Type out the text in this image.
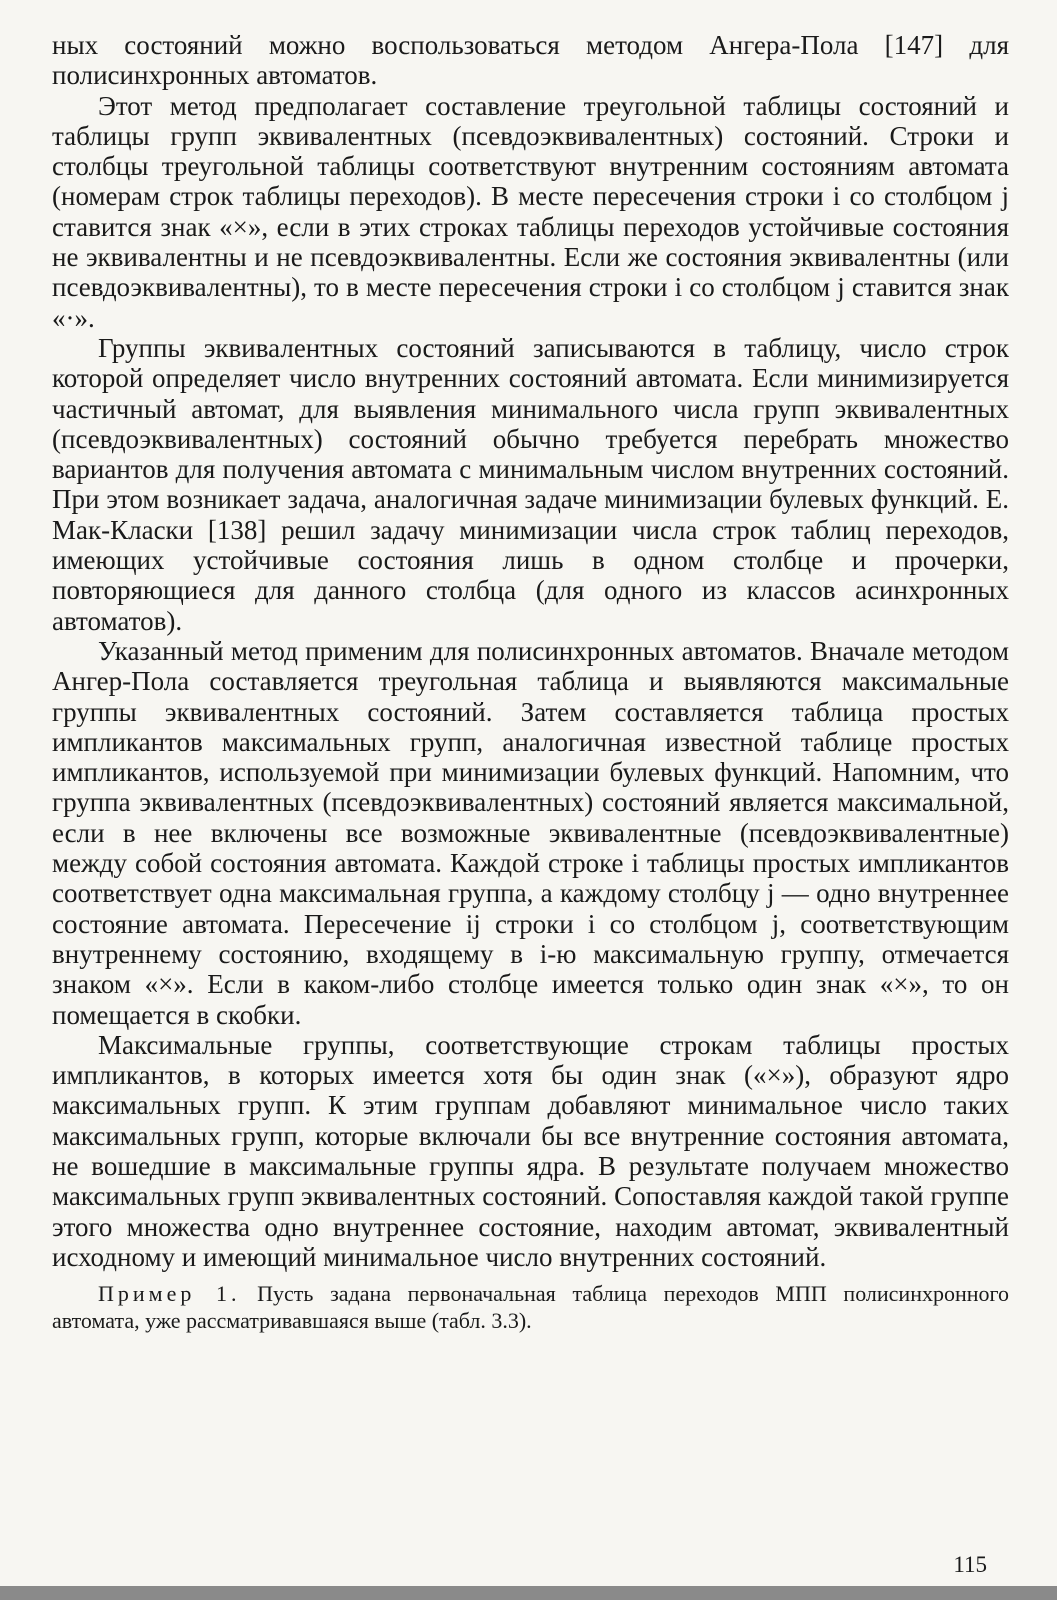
ных состояний можно воспользоваться методом Ангера-Пола [147] для полисинхронных автоматов.

Этот метод предполагает составление треугольной таблицы состояний и таблицы групп эквивалентных (псевдоэквивалентных) состояний. Строки и столбцы треугольной таблицы соответствуют внутренним состояниям автомата (номерам строк таблицы переходов). В месте пересечения строки i со столбцом j ставится знак «×», если в этих строках таблицы переходов устойчивые состояния не эквивалентны и не псевдоэквивалентны. Если же состояния эквивалентны (или псевдоэквивалентны), то в месте пересечения строки i со столбцом j ставится знак «·».

Группы эквивалентных состояний записываются в таблицу, число строк которой определяет число внутренних состояний автомата. Если минимизируется частичный автомат, для выявления минимального числа групп эквивалентных (псевдоэквивалентных) состояний обычно требуется перебрать множество вариантов для получения автомата с минимальным числом внутренних состояний. При этом возникает задача, аналогичная задаче минимизации булевых функций. Е. Мак-Класки [138] решил задачу минимизации числа строк таблиц переходов, имеющих устойчивые состояния лишь в одном столбце и прочерки, повторяющиеся для данного столбца (для одного из классов асинхронных автоматов).

Указанный метод применим для полисинхронных автоматов. Вначале методом Ангер-Пола составляется треугольная таблица и выявляются максимальные группы эквивалентных состояний. Затем составляется таблица простых импликантов максимальных групп, аналогичная известной таблице простых импликантов, используемой при минимизации булевых функций. Напомним, что группа эквивалентных (псевдоэквивалентных) состояний является максимальной, если в нее включены все возможные эквивалентные (псевдоэквивалентные) между собой состояния автомата. Каждой строке i таблицы простых импликантов соответствует одна максимальная группа, а каждому столбцу j — одно внутреннее состояние автомата. Пересечение ij строки i со столбцом j, соответствующим внутреннему состоянию, входящему в i-ю максимальную группу, отмечается знаком «×». Если в каком-либо столбце имеется только один знак «×», то он помещается в скобки.

Максимальные группы, соответствующие строкам таблицы простых импликантов, в которых имеется хотя бы один знак («×»), образуют ядро максимальных групп. К этим группам добавляют минимальное число таких максимальных групп, которые включали бы все внутренние состояния автомата, не вошедшие в максимальные группы ядра. В результате получаем множество максимальных групп эквивалентных состояний. Сопоставляя каждой такой группе этого множества одно внутреннее состояние, находим автомат, эквивалентный исходному и имеющий минимальное число внутренних состояний.

Пример 1. Пусть задана первоначальная таблица переходов МПП полисинхронного автомата, уже рассматривавшаяся выше (табл. 3.3).
115
